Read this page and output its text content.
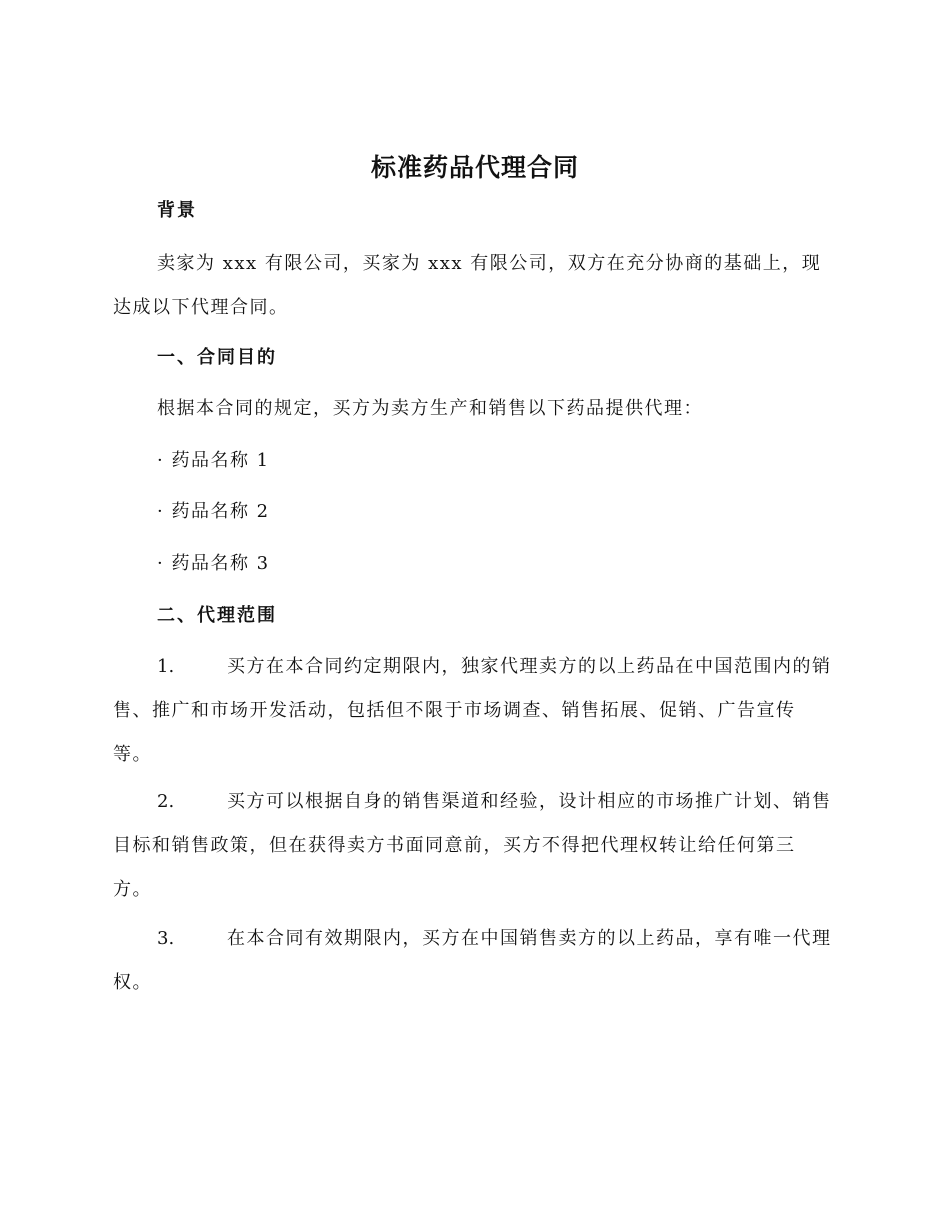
标准药品代理合同
背景

卖家为 xxx 有限公司，买家为 xxx 有限公司，双方在充分协商的基础上，现达成以下代理合同。

一、合同目的
根据本合同的规定，买方为卖方生产和销售以下药品提供代理：
· 药品名称 1
· 药品名称 2
· 药品名称 3
二、代理范围

1.	买方在本合同约定期限内，独家代理卖方的以上药品在中国范围内的销售、推广和市场开发活动，包括但不限于市场调查、销售拓展、促销、广告宣传等。

2.	买方可以根据自身的销售渠道和经验，设计相应的市场推广计划、销售目标和销售政策，但在获得卖方书面同意前，买方不得把代理权转让给任何第三方。

3.	在本合同有效期限内，买方在中国销售卖方的以上药品，享有唯一代理权。
